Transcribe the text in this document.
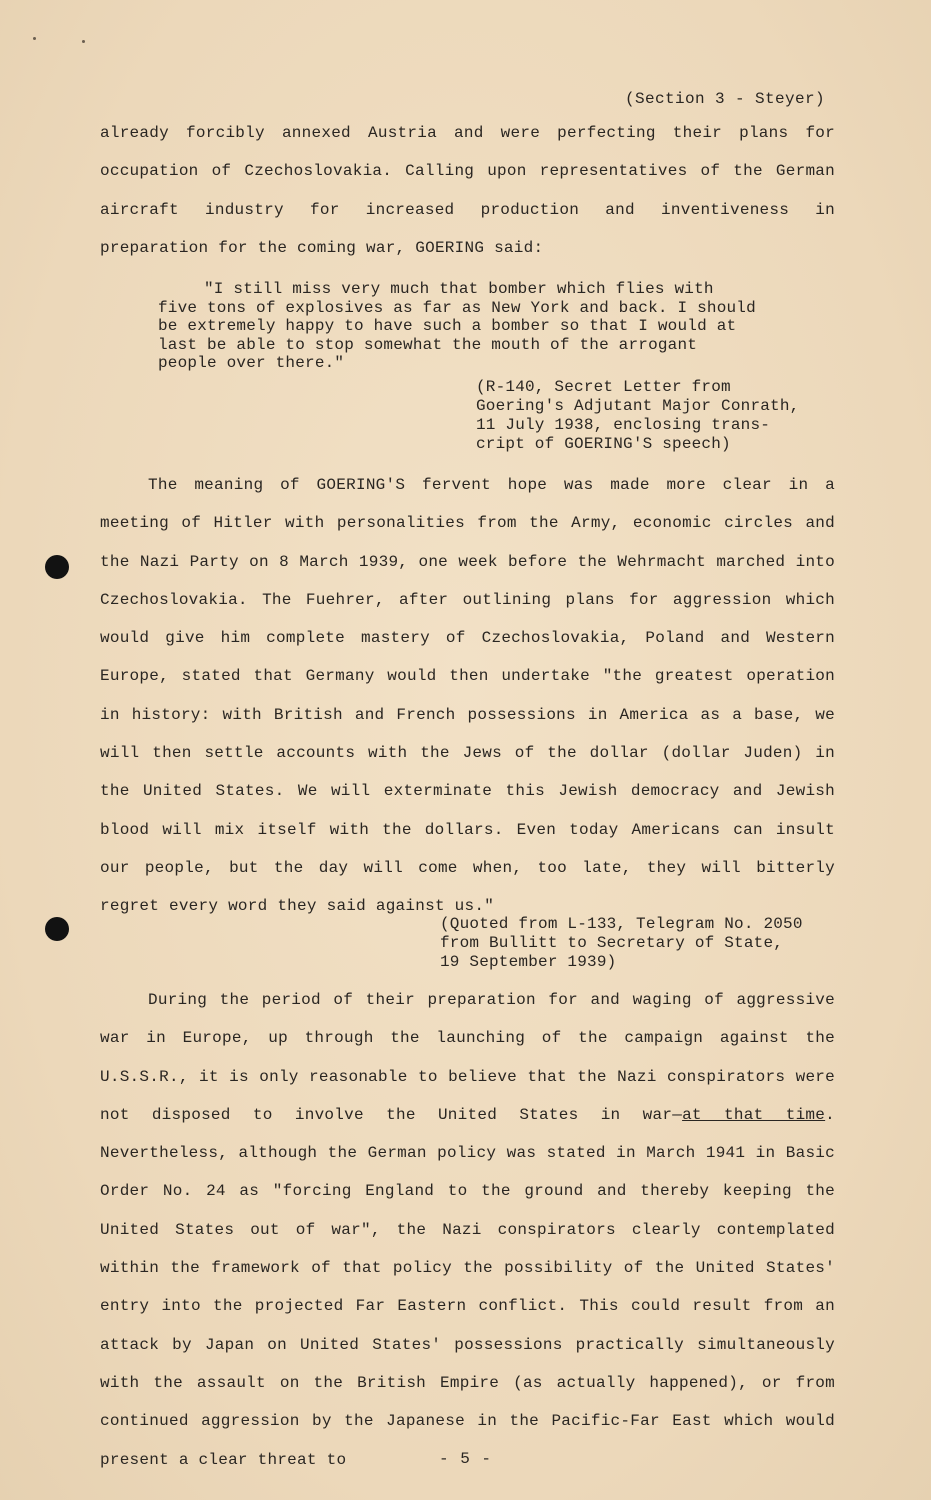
(Section 3 - Steyer)

already forcibly annexed Austria and were perfecting their plans for occupation of Czechoslovakia. Calling upon representatives of the German aircraft industry for increased production and inventiveness in preparation for the coming war, GOERING said:

"I still miss very much that bomber which flies with five tons of explosives as far as New York and back. I should be extremely happy to have such a bomber so that I would at last be able to stop somewhat the mouth of the arrogant people over there."

(R-140, Secret Letter from
Goering's Adjutant Major Conrath,
11 July 1938, enclosing trans-
cript of GOERING'S speech)

The meaning of GOERING'S fervent hope was made more clear in a meeting of Hitler with personalities from the Army, economic circles and the Nazi Party on 8 March 1939, one week before the Wehrmacht marched into Czechoslovakia. The Fuehrer, after outlining plans for aggression which would give him complete mastery of Czechoslovakia, Poland and Western Europe, stated that Germany would then undertake "the greatest operation in history: with British and French possessions in America as a base, we will then settle accounts with the Jews of the dollar (dollar Juden) in the United States. We will exterminate this Jewish democracy and Jewish blood will mix itself with the dollars. Even today Americans can insult our people, but the day will come when, too late, they will bitterly regret every word they said against us."

(Quoted from L-133, Telegram No. 2050
from Bullitt to Secretary of State,
19 September 1939)

During the period of their preparation for and waging of aggressive war in Europe, up through the launching of the campaign against the U.S.S.R., it is only reasonable to believe that the Nazi conspirators were not disposed to involve the United States in war—at that time. Nevertheless, although the German policy was stated in March 1941 in Basic Order No. 24 as "forcing England to the ground and thereby keeping the United States out of war", the Nazi conspirators clearly contemplated within the framework of that policy the possibility of the United States' entry into the projected Far Eastern conflict. This could result from an attack by Japan on United States' possessions practically simultaneously with the assault on the British Empire (as actually happened), or from continued aggression by the Japanese in the Pacific-Far East which would present a clear threat to	- 5 -
